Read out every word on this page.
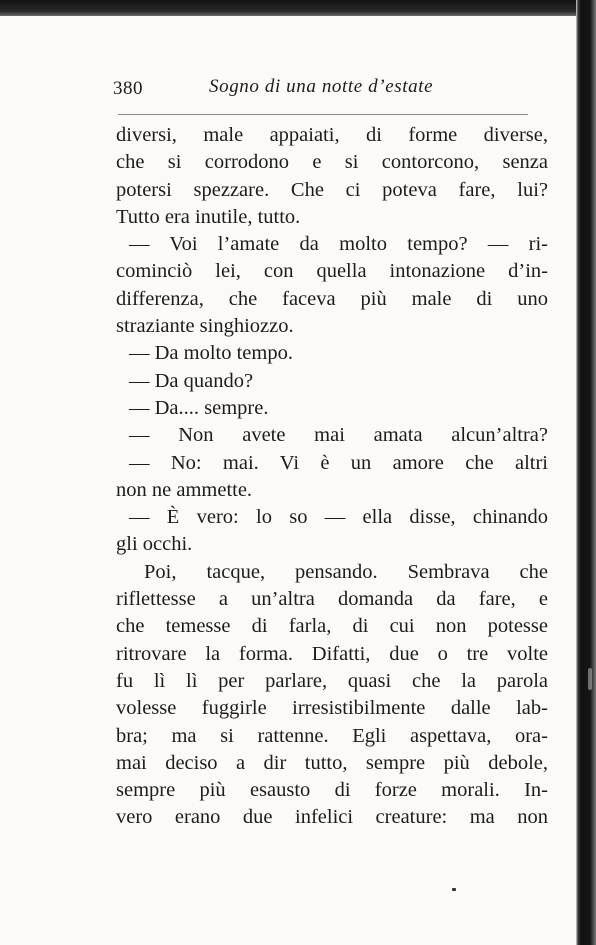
380	Sogno di una notte d’estate
diversi, male appaiati, di forme diverse,
che si corrodono e si contorcono, senza
potersi spezzare. Che ci poteva fare, lui?
Tutto era inutile, tutto.
— Voi l’amate da molto tempo? — ri-
cominciò lei, con quella intonazione d’in-
differenza, che faceva più male di uno
straziante singhiozzo.
— Da molto tempo.
— Da quando?
— Da.... sempre.
— Non avete mai amata alcun’altra?
— No: mai. Vi è un amore che altri
non ne ammette.
— È vero: lo so — ella disse, chinando
gli occhi.
Poi, tacque, pensando. Sembrava che
riflettesse a un’altra domanda da fare, e
che temesse di farla, di cui non potesse
ritrovare la forma. Difatti, due o tre volte
fu lì lì per parlare, quasi che la parola
volesse fuggirle irresistibilmente dalle lab-
bra; ma si rattenne. Egli aspettava, ora-
mai deciso a dir tutto, sempre più debole,
sempre più esausto di forze morali. In-
vero erano due infelici creature: ma non
